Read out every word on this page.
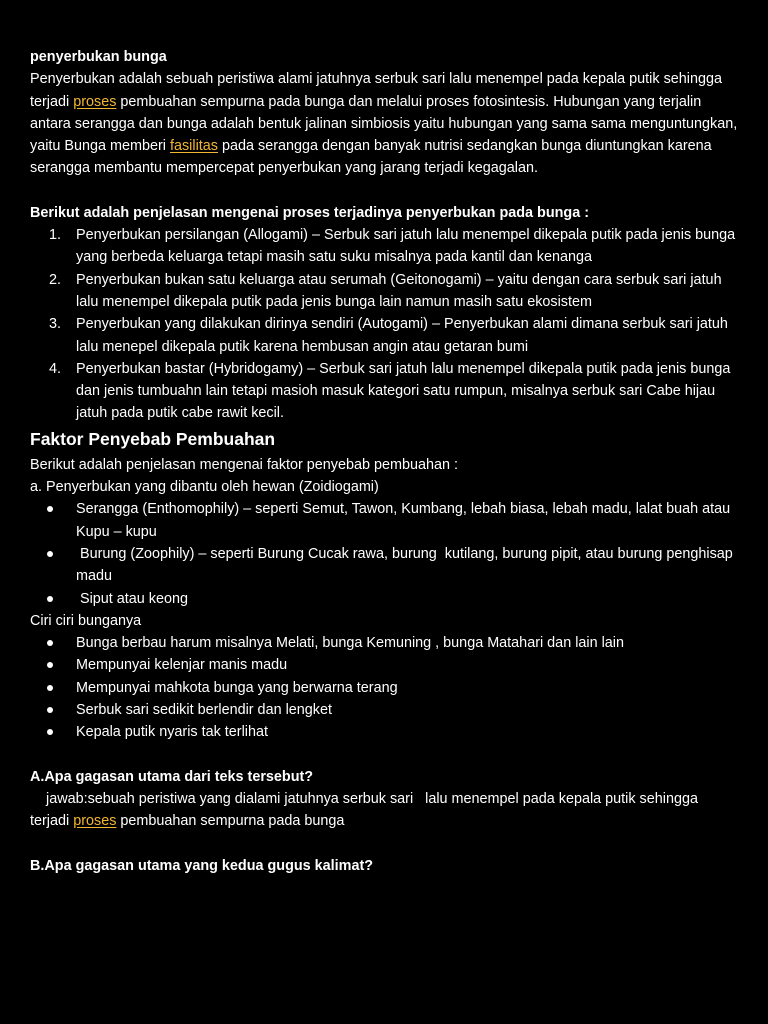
penyerbukan bunga

Penyerbukan adalah sebuah peristiwa alami jatuhnya serbuk sari lalu menempel pada kepala putik sehingga terjadi proses pembuahan sempurna pada bunga dan melalui proses fotosintesis. Hubungan yang terjalin antara serangga dan bunga adalah bentuk jalinan simbiosis yaitu hubungan yang sama sama menguntungkan, yaitu Bunga memberi fasilitas pada serangga dengan banyak nutrisi sedangkan bunga diuntungkan karena serangga membantu mempercepat penyerbukan yang jarang terjadi kegagalan.

Berikut adalah penjelasan mengenai proses terjadinya penyerbukan pada bunga :

1. Penyerbukan persilangan (Allogami) – Serbuk sari jatuh lalu menempel dikepala putik pada jenis bunga yang berbeda keluarga tetapi masih satu suku misalnya pada kantil dan kenanga
2. Penyerbukan bukan satu keluarga atau serumah (Geitonogami) – yaitu dengan cara serbuk sari jatuh lalu menempel dikepala putik pada jenis bunga lain namun masih satu ekosistem
3. Penyerbukan yang dilakukan dirinya sendiri (Autogami) – Penyerbukan alami dimana serbuk sari jatuh lalu menepel dikepala putik karena hembusan angin atau getaran bumi
4. Penyerbukan bastar (Hybridogamy) – Serbuk sari jatuh lalu menempel dikepala putik pada jenis bunga dan jenis tumbuahn lain tetapi masioh masuk kategori satu rumpun, misalnya serbuk sari Cabe hijau jatuh pada putik cabe rawit kecil.
Faktor Penyebab Pembuahan

Berikut adalah penjelasan mengenai faktor penyebab pembuahan :

a. Penyerbukan yang dibantu oleh hewan (Zoidiogami)

Serangga (Enthomophily) – seperti Semut, Tawon, Kumbang, lebah biasa, lebah madu, lalat buah atau Kupu – kupu
Burung (Zoophily) – seperti Burung Cucak rawa, burung  kutilang, burung pipit, atau burung penghisap madu
Siput atau keong

Ciri ciri bunganya

Bunga berbau harum misalnya Melati, bunga Kemuning , bunga Matahari dan lain lain
Mempunyai kelenjar manis madu
Mempunyai mahkota bunga yang berwarna terang
Serbuk sari sedikit berlendir dan lengket
Kepala putik nyaris tak terlihat

A.Apa gagasan utama dari teks tersebut?

jawab:sebuah peristiwa yang dialami jatuhnya serbuk sari   lalu menempel pada kepala putik sehingga terjadi proses pembuahan sempurna pada bunga

B.Apa gagasan utama yang kedua gugus kalimat?
